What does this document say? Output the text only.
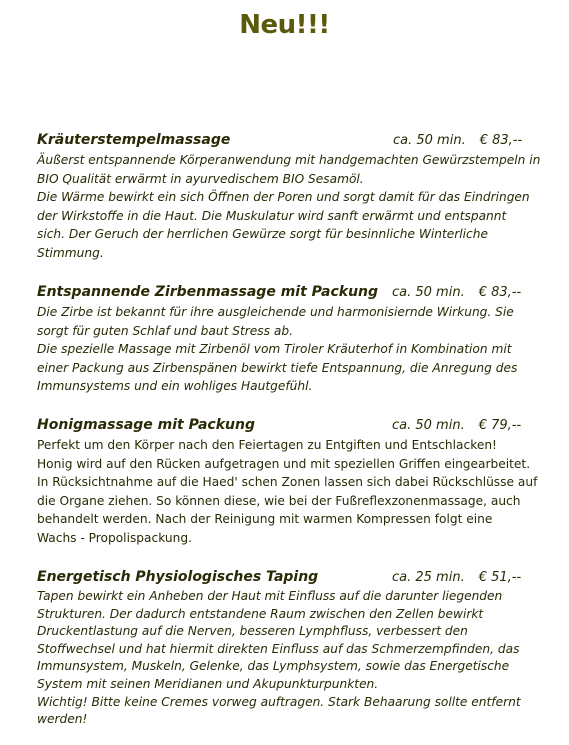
Neu!!!
Kräuterstempelmassage	ca. 50 min. € 83,--
Äußerst entspannende Körperanwendung mit handgemachten Gewürzstempeln in
BIO Qualität erwärmt in ayurvedischem BIO Sesamöl.
Die Wärme bewirkt ein sich Öffnen der Poren und sorgt damit für das Eindringen
der Wirkstoffe in die Haut. Die Muskulatur wird sanft erwärmt und entspannt
sich. Der Geruch der herrlichen Gewürze sorgt für besinnliche Winterliche
Stimmung.
Entspannende Zirbenmassage mit Packung ca. 50 min. € 83,--
Die Zirbe ist bekannt für ihre ausgleichende und harmonisiernde Wirkung. Sie
sorgt für guten Schlaf und baut Stress ab.
Die spezielle Massage mit Zirbenöl vom Tiroler Kräuterhof in Kombination mit
einer Packung aus Zirbenspänen bewirkt tiefe Entspannung, die Anregung des
Immunsystems und ein wohliges Hautgefühl.
Honigmassage mit Packung	ca. 50 min. € 79,--
Perfekt um den Körper nach den Feiertagen zu Entgiften und Entschlacken!
Honig wird auf den Rücken aufgetragen und mit speziellen Griffen eingearbeitet.
In Rücksichtnahme auf die Haed' schen Zonen lassen sich dabei Rückschlüsse auf
die Organe ziehen. So können diese, wie bei der Fußreflexzonenmassage, auch
behandelt werden. Nach der Reinigung mit warmen Kompressen folgt eine
Wachs - Propolispackung.
Energetisch Physiologisches Taping	ca. 25 min. € 51,--
Tapen bewirkt ein Anheben der Haut mit Einfluss auf die darunter liegenden
Strukturen. Der dadurch entstandene Raum zwischen den Zellen bewirkt
Druckentlastung auf die Nerven, besseren Lymphfluss, verbessert den
Stoffwechsel und hat hiermit direkten Einfluss auf das Schmerzempfinden, das
Immunsystem, Muskeln, Gelenke, das Lymphsystem, sowie das Energetische
System mit seinen Meridianen und Akupunkturpunkten.
Wichtig! Bitte keine Cremes vorweg auftragen. Stark Behaarung sollte entfernt
werden!
